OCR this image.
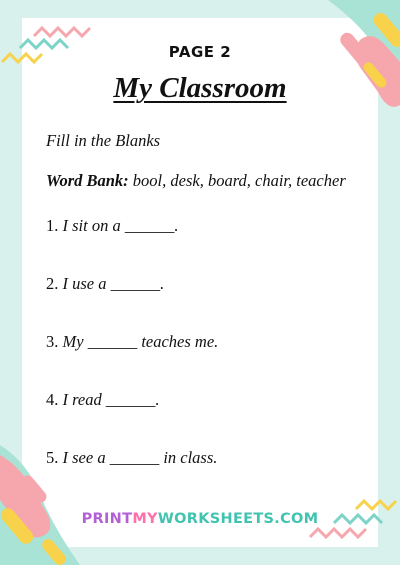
PAGE 2
My Classroom
Fill in the Blanks
Word Bank: bool, desk, board, chair, teacher
1. I sit on a ______.
2. I use a ______.
3. My ______ teaches me.
4. I read ______.
5. I see a ______ in class.
PRINTMYWORKSHEETS.COM
